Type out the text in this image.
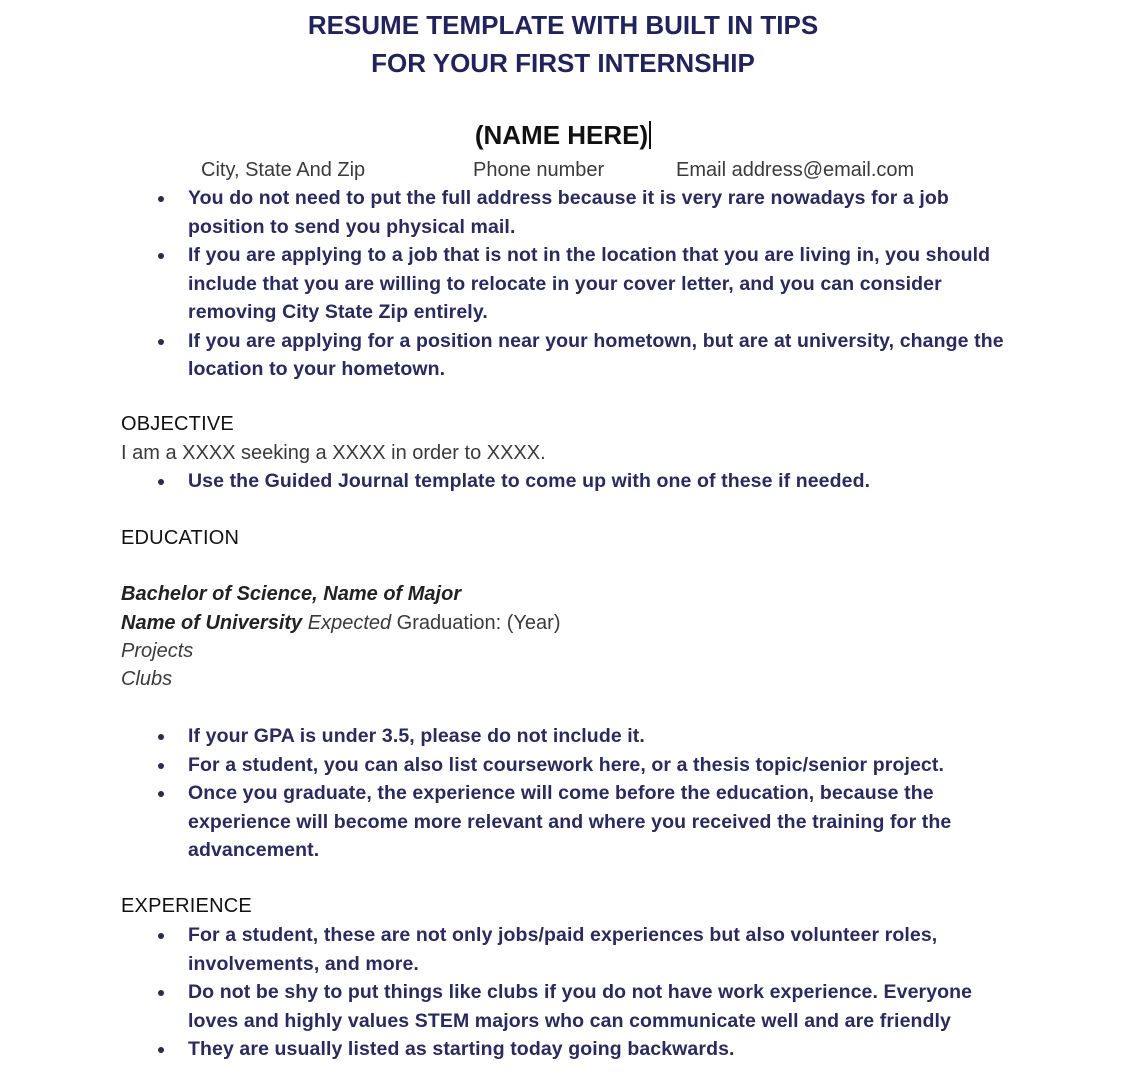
RESUME TEMPLATE WITH BUILT IN TIPS
FOR YOUR FIRST INTERNSHIP
(NAME HERE)
City, State And Zip	Phone number	Email address@email.com
You do not need to put the full address because it is very rare nowadays for a job position to send you physical mail.
If you are applying to a job that is not in the location that you are living in, you should include that you are willing to relocate in your cover letter, and you can consider removing City State Zip entirely.
If you are applying for a position near your hometown, but are at university, change the location to your hometown.
OBJECTIVE
I am a XXXX seeking a XXXX in order to XXXX.
Use the Guided Journal template to come up with one of these if needed.
EDUCATION
Bachelor of Science, Name of Major
Name of University Expected Graduation: (Year)
Projects
Clubs
If your GPA is under 3.5, please do not include it.
For a student, you can also list coursework here, or a thesis topic/senior project.
Once you graduate, the experience will come before the education, because the experience will become more relevant and where you received the training for the advancement.
EXPERIENCE
For a student, these are not only jobs/paid experiences but also volunteer roles, involvements, and more.
Do not be shy to put things like clubs if you do not have work experience. Everyone loves and highly values STEM majors who can communicate well and are friendly
They are usually listed as starting today going backwards.
